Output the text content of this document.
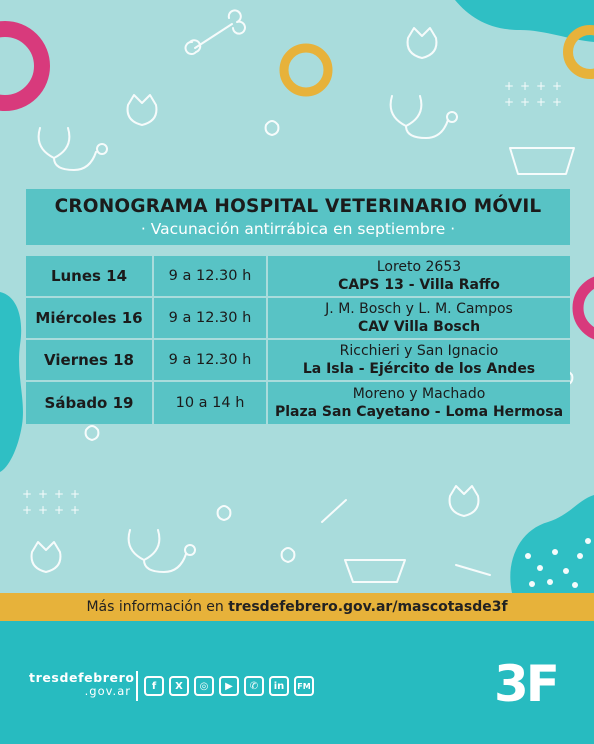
+ + + +
+ + + +
+ + + +
+ + + +
CRONOGRAMA HOSPITAL VETERINARIO MÓVIL
· Vacunación antirrábica en septiembre ·
Lunes 14	9 a 12.30 h	Loreto 2653
CAPS 13 - Villa Raffo

Miércoles 16	9 a 12.30 h	J. M. Bosch y L. M. Campos
CAV Villa Bosch

Viernes 18	9 a 12.30 h	Ricchieri y San Ignacio
La Isla - Ejército de los Andes

Sábado 19	10 a 14 h	Moreno y Machado
Plaza San Cayetano - Loma Hermosa
Más información en tresdefebrero.gov.ar/mascotasde3f
tresdefebrero
.gov.ar	f	X	◎	▶	✆	in	FM	3F
